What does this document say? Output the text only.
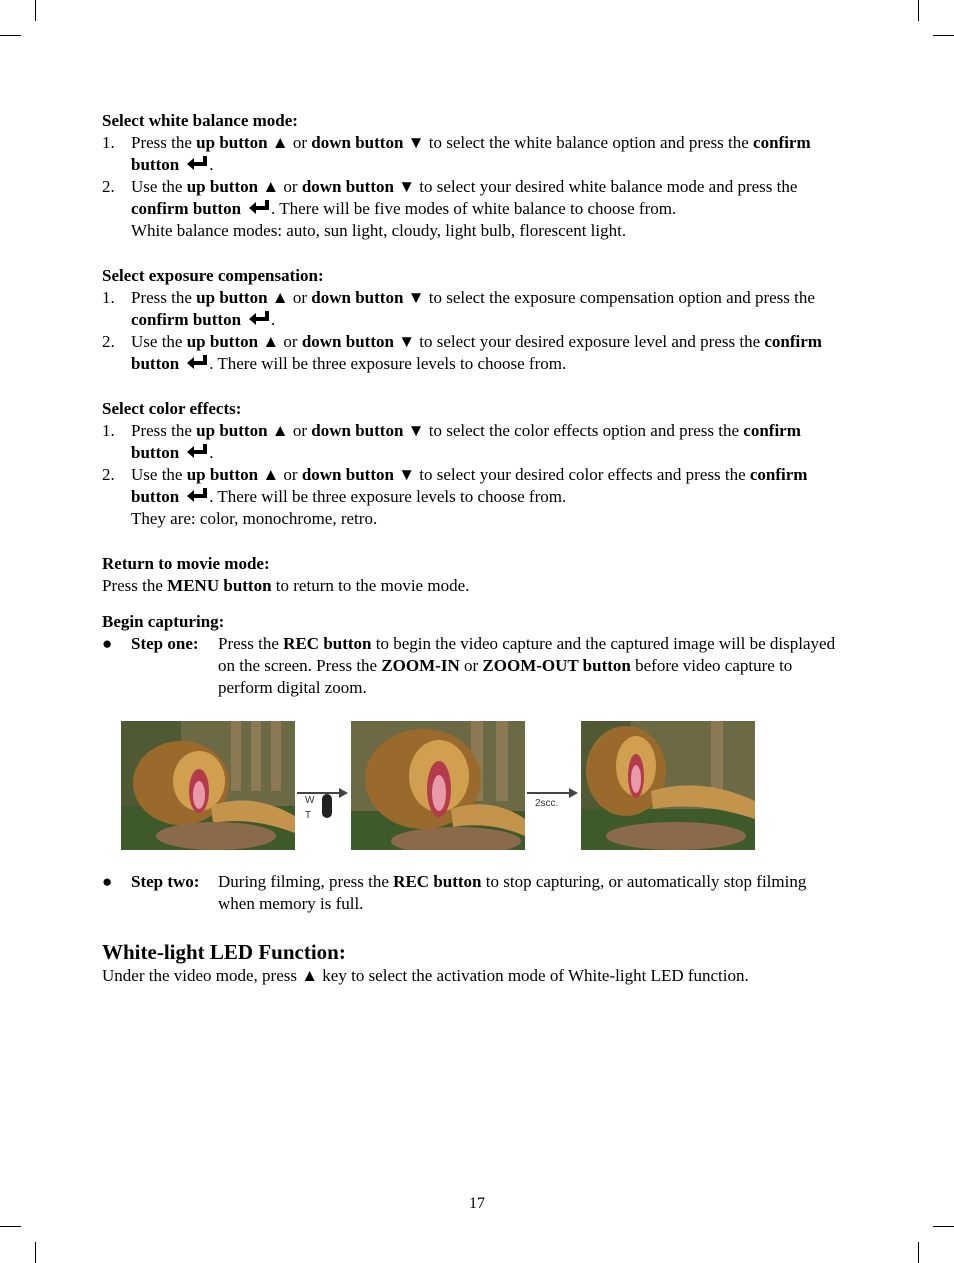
Select white balance mode:

1. Press the up button ▲ or down button ▼ to select the white balance option and press the confirm button .
2. Use the up button ▲ or down button ▼ to select your desired white balance mode and press the confirm button . There will be five modes of white balance to choose from.
White balance modes: auto, sun light, cloudy, light bulb, florescent light.

Select exposure compensation:

1. Press the up button ▲ or down button ▼ to select the exposure compensation option and press the confirm button .
2. Use the up button ▲ or down button ▼ to select your desired exposure level and press the confirm button . There will be three exposure levels to choose from.

Select color effects:

1. Press the up button ▲ or down button ▼ to select the color effects option and press the confirm button .
2. Use the up button ▲ or down button ▼ to select your desired color effects and press the confirm button . There will be three exposure levels to choose from.
They are: color, monochrome, retro.

Return to movie mode:

Press the MENU button to return to the movie mode.

Begin capturing:

● Step one: Press the REC button to begin the video capture and the captured image will be displayed on the screen. Press the ZOOM-IN or ZOOM-OUT button before video capture to perform digital zoom.
W
T
2scc.
● Step two: During filming, press the REC button to stop capturing, or automatically stop filming when memory is full.

White-light LED Function:

Under the video mode, press ▲ key to select the activation mode of White-light LED function.

17
